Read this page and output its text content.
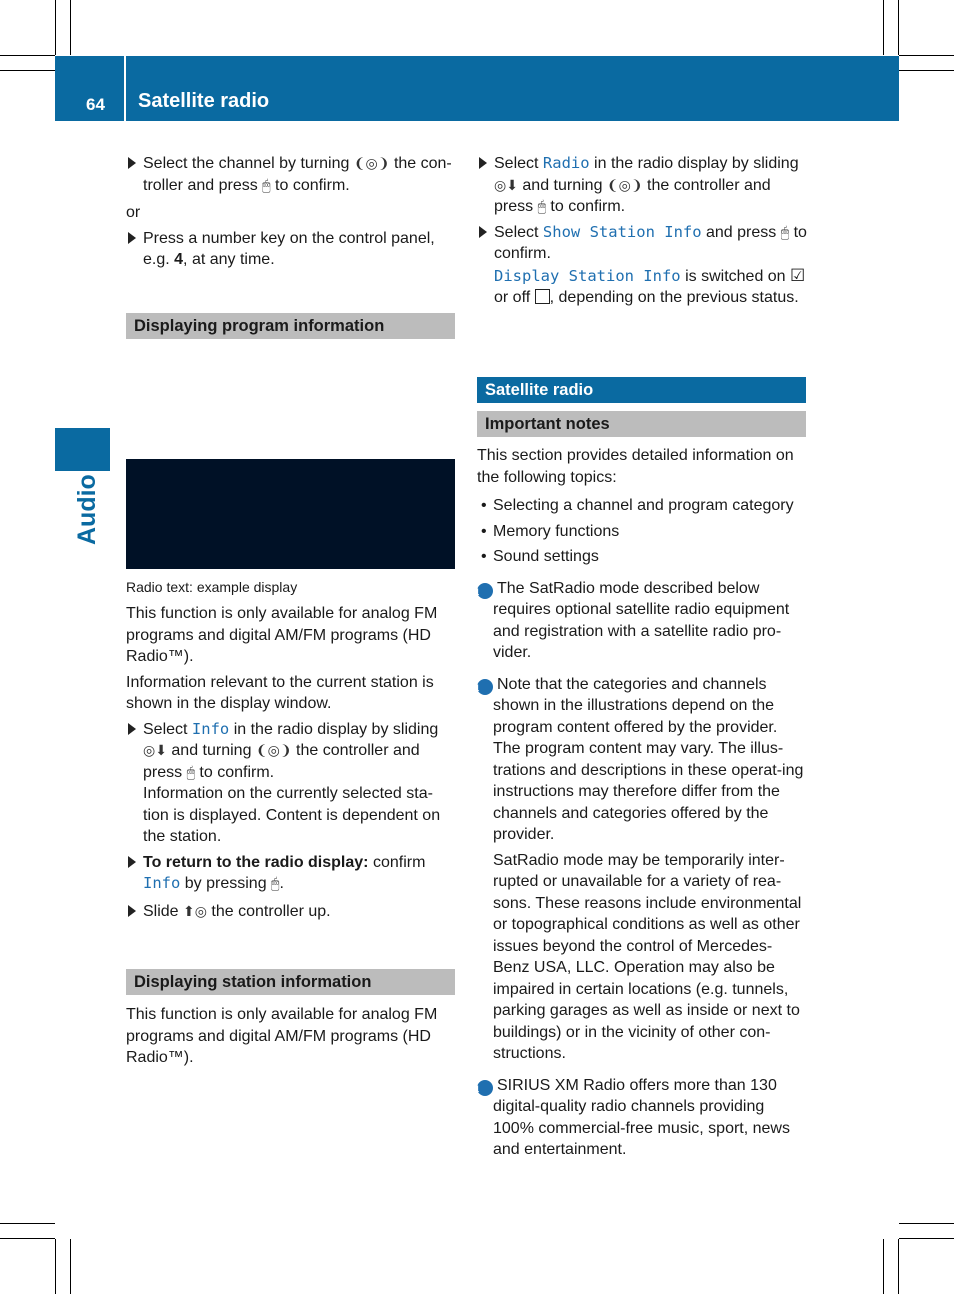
64 Satellite radio
Audio

Select the channel by turning ❨◎❩ the con-troller and press 🖱 to confirm.

or

Press a number key on the control panel, e.g. 4, at any time.

Displaying program information
Radio text: example display

This function is only available for analog FM programs and digital AM/FM programs (HD Radio™).

Information relevant to the current station is shown in the display window.

Select Info in the radio display by sliding ◎⬇ and turning ❨◎❩ the controller and press 🖱 to confirm.

Information on the currently selected sta-tion is displayed. Content is dependent on the station.

To return to the radio display: confirm Info by pressing 🖱.

Slide ⬆◎ the controller up.

Displaying station information

This function is only available for analog FM programs and digital AM/FM programs (HD Radio™).

Select Radio in the radio display by sliding ◎⬇ and turning ❨◎❩ the controller and press 🖱 to confirm.

Select Show Station Info and press 🖱 to confirm.

Display Station Info is switched on ☑ or off , depending on the previous status.

Satellite radio
Important notes

This section provides detailed information on the following topics:

• Selecting a channel and program category

• Memory functions

• Sound settings

i The SatRadio mode described below requires optional satellite radio equipment and registration with a satellite radio pro-vider.

i Note that the categories and channels shown in the illustrations depend on the program content offered by the provider. The program content may vary. The illus-trations and descriptions in these operat-ing instructions may therefore differ from the channels and categories offered by the provider.

SatRadio mode may be temporarily inter-rupted or unavailable for a variety of rea-sons. These reasons include environmental or topographical conditions as well as other issues beyond the control of Mercedes-Benz USA, LLC. Operation may also be impaired in certain locations (e.g. tunnels, parking garages as well as inside or next to buildings) or in the vicinity of other con-structions.

i SIRIUS XM Radio offers more than 130 digital-quality radio channels providing 100% commercial-free music, sport, news and entertainment.
